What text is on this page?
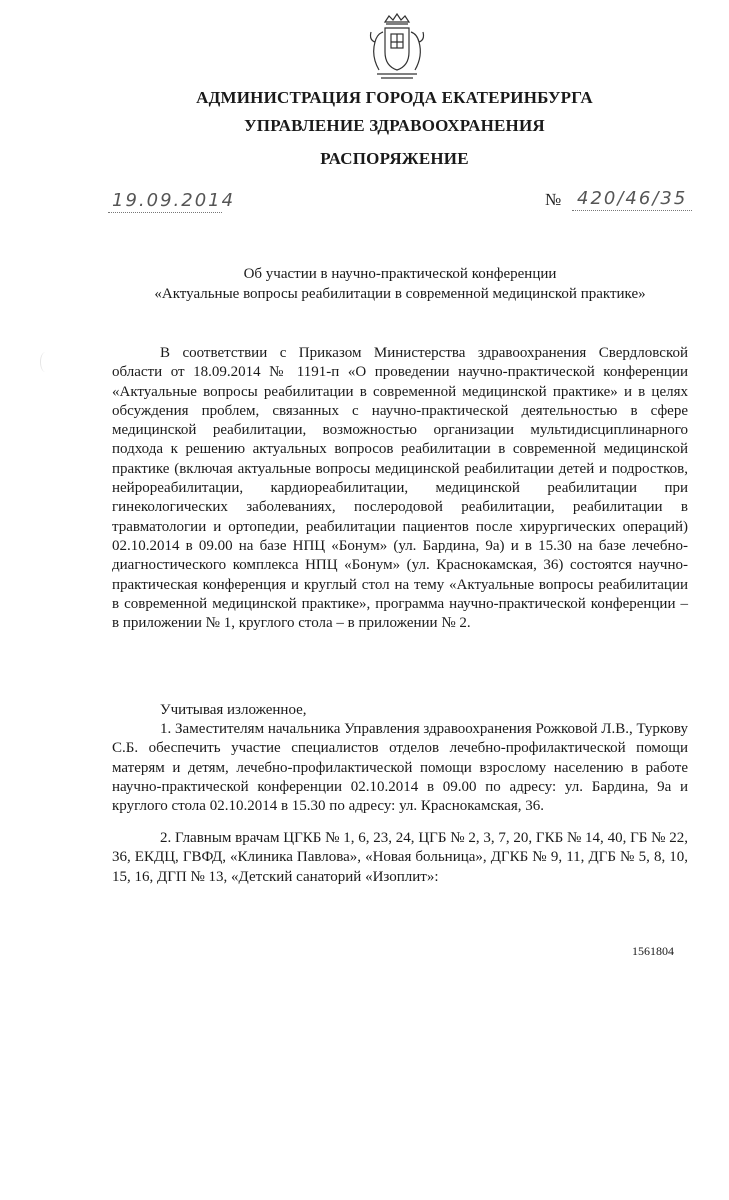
АДМИНИСТРАЦИЯ ГОРОДА ЕКАТЕРИНБУРГА
УПРАВЛЕНИЕ ЗДРАВООХРАНЕНИЯ
РАСПОРЯЖЕНИЕ
19.09.2014	№ 420/46/35
Об участии в научно-практической конференции
«Актуальные вопросы реабилитации в современной медицинской практике»
В соответствии с Приказом Министерства здравоохранения Свердловской области от 18.09.2014 № 1191-п «О проведении научно-практической конференции «Актуальные вопросы реабилитации в современной медицинской практике» и в целях обсуждения проблем, связанных с научно-практической деятельностью в сфере медицинской реабилитации, возможностью организации мультидисциплинарного подхода к решению актуальных вопросов реабилитации в современной медицинской практике (включая актуальные вопросы медицинской реабилитации детей и подростков, нейрореабилитации, кардиореабилитации, медицинской реабилитации при гинекологических заболеваниях, послеродовой реабилитации, реабилитации в травматологии и ортопедии, реабилитации пациентов после хирургических операций) 02.10.2014 в 09.00 на базе НПЦ «Бонум» (ул. Бардина, 9а) и в 15.30 на базе лечебно-диагностического комплекса НПЦ «Бонум» (ул. Краснокамская, 36) состоятся научно-практическая конференция и круглый стол на тему «Актуальные вопросы реабилитации в современной медицинской практике», программа научно-практической конференции – в приложении № 1, круглого стола – в приложении № 2.
Учитывая изложенное,
1. Заместителям начальника Управления здравоохранения Рожковой Л.В., Туркову С.Б. обеспечить участие специалистов отделов лечебно-профилактической помощи матерям и детям, лечебно-профилактической помощи взрослому населению в работе научно-практической конференции 02.10.2014 в 09.00 по адресу: ул. Бардина, 9а и круглого стола 02.10.2014 в 15.30 по адресу: ул. Краснокамская, 36.
2. Главным врачам ЦГКБ № 1, 6, 23, 24, ЦГБ № 2, 3, 7, 20, ГКБ № 14, 40, ГБ № 22, 36, ЕКДЦ, ГВФД, «Клиника Павлова», «Новая больница», ДГКБ № 9, 11, ДГБ № 5, 8, 10, 15, 16, ДГП № 13, «Детский санаторий «Изоплит»:
1561804
